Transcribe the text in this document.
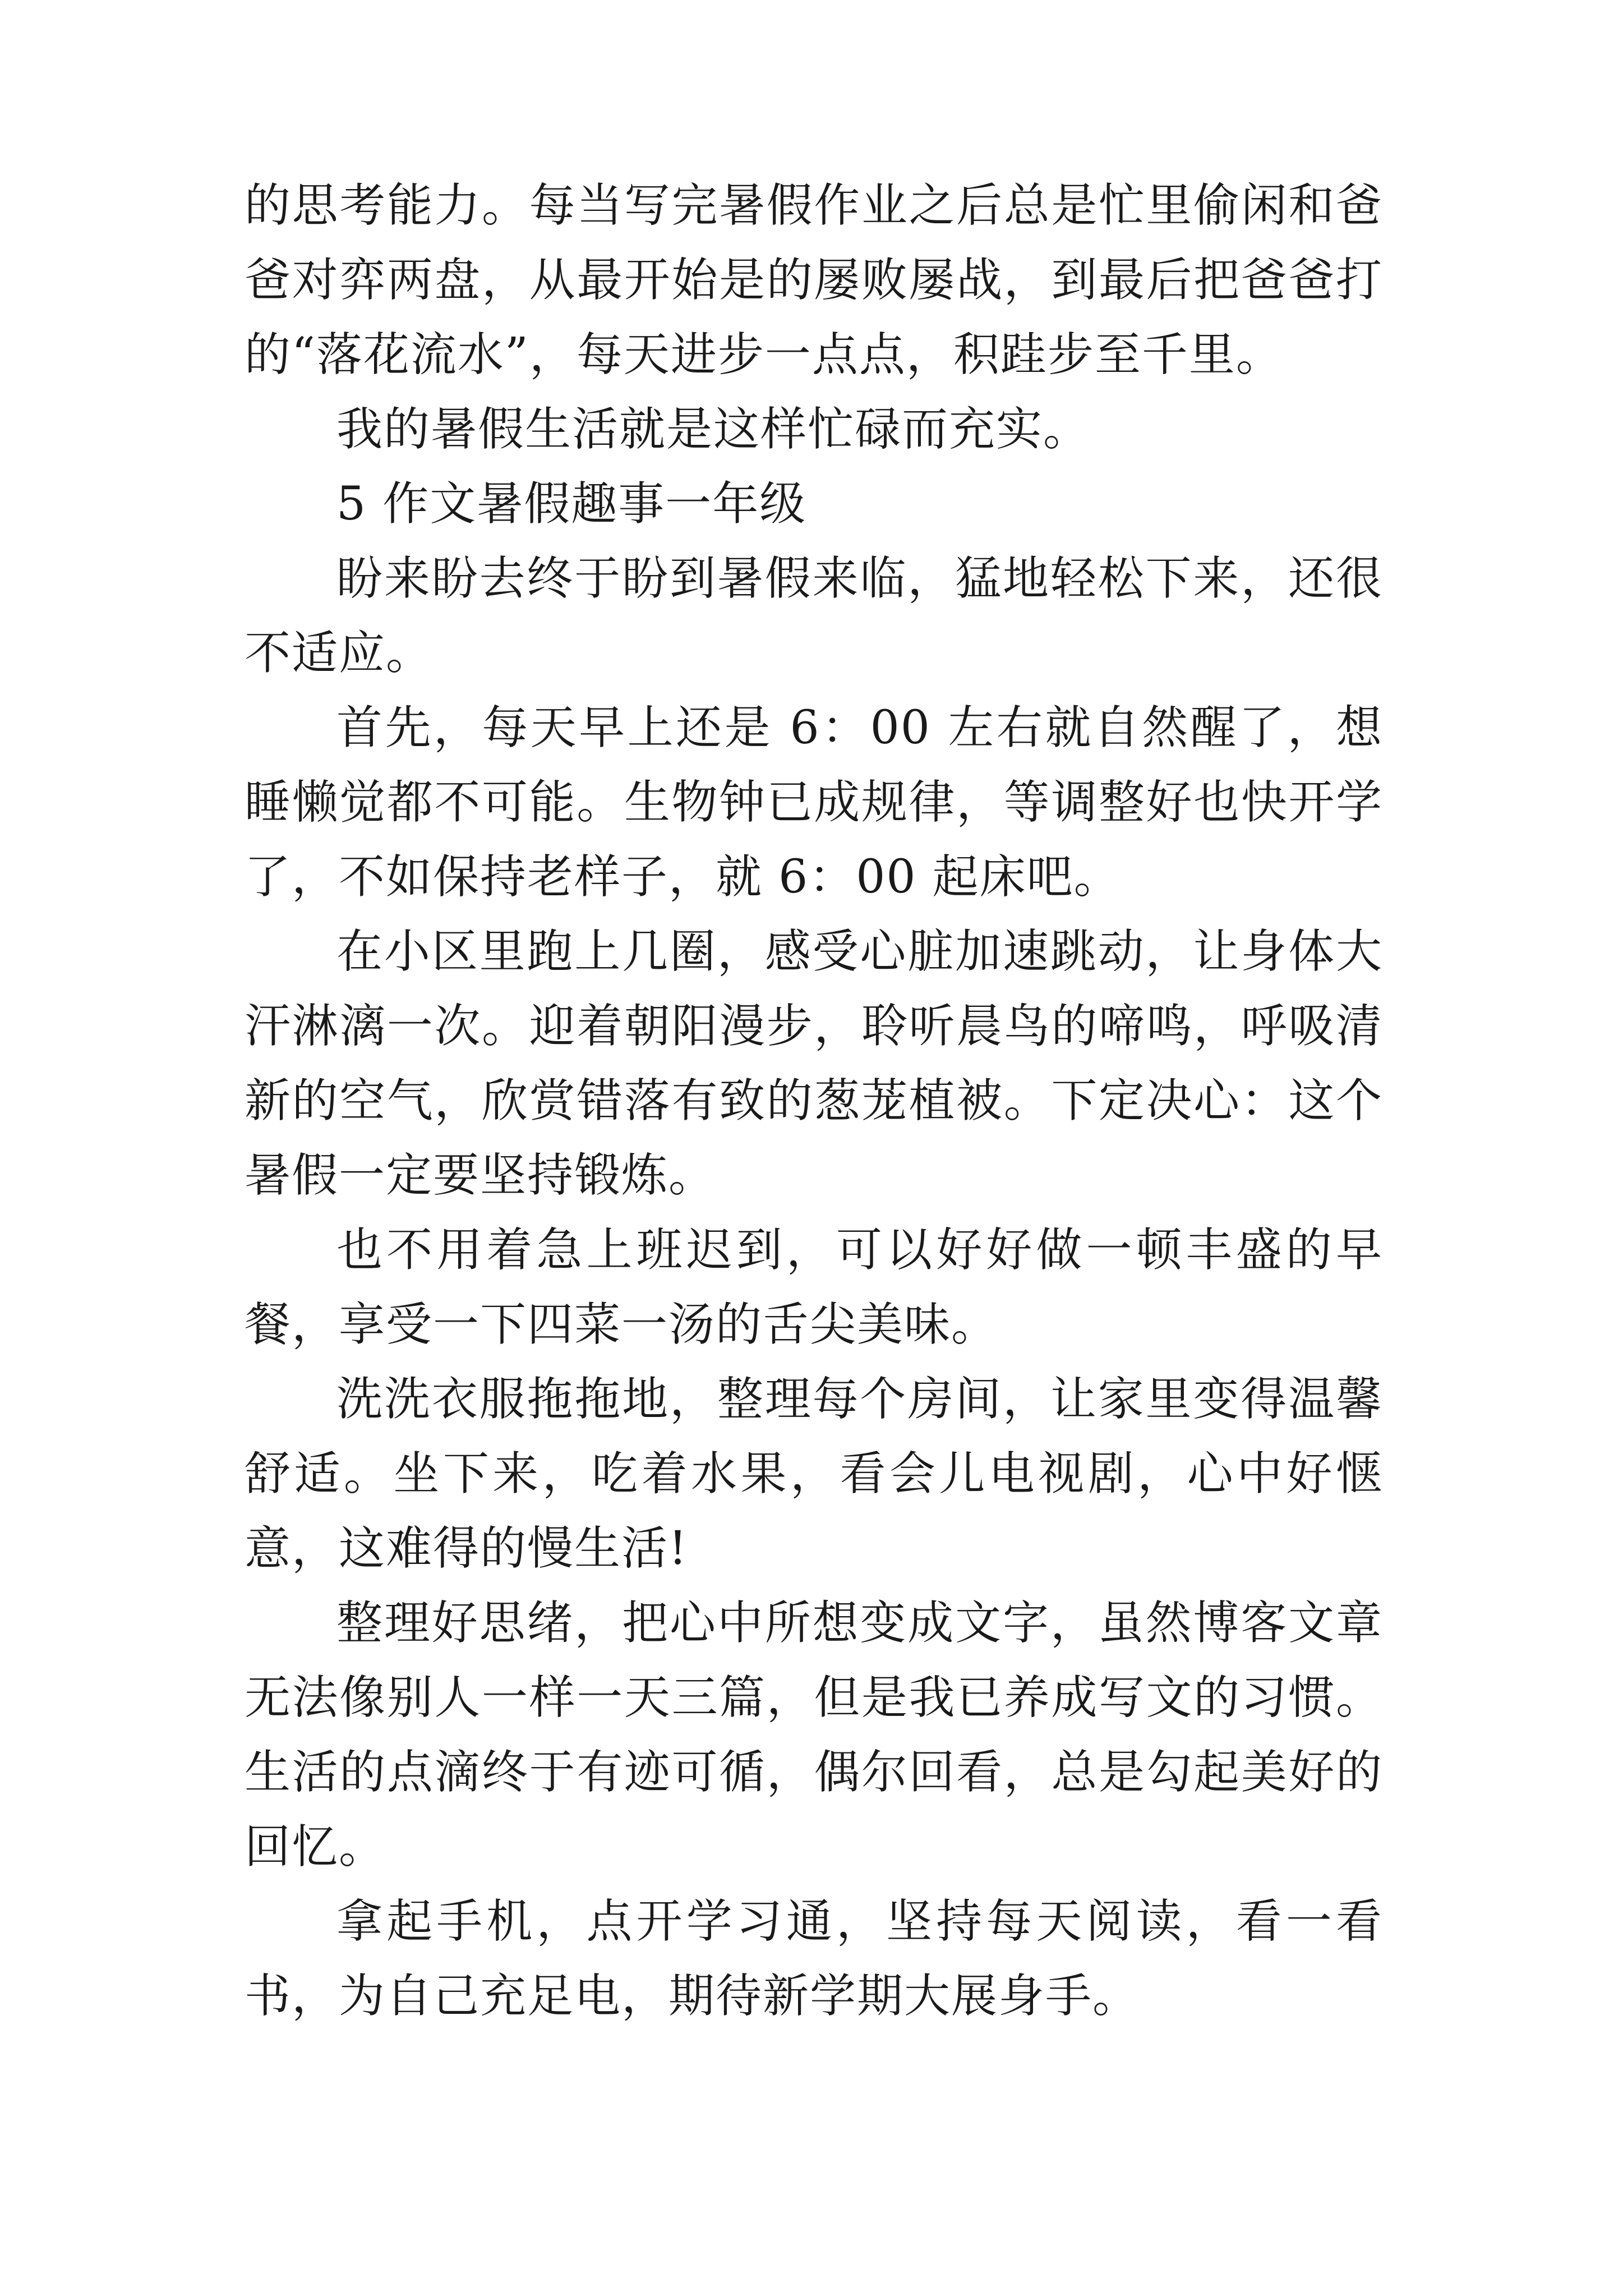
的思考能力。每当写完暑假作业之后总是忙里偷闲和爸爸对弈两盘，从最开始是的屡败屡战，到最后把爸爸打的“落花流水”，每天进步一点点，积跬步至千里。

我的暑假生活就是这样忙碌而充实。

5 作文暑假趣事一年级

盼来盼去终于盼到暑假来临，猛地轻松下来，还很不适应。

首先，每天早上还是 6：00 左右就自然醒了，想睡懒觉都不可能。生物钟已成规律，等调整好也快开学了，不如保持老样子，就 6：00 起床吧。

在小区里跑上几圈，感受心脏加速跳动，让身体大汗淋漓一次。迎着朝阳漫步，聆听晨鸟的啼鸣，呼吸清新的空气，欣赏错落有致的葱茏植被。下定决心：这个暑假一定要坚持锻炼。

也不用着急上班迟到，可以好好做一顿丰盛的早餐，享受一下四菜一汤的舌尖美味。

洗洗衣服拖拖地，整理每个房间，让家里变得温馨舒适。坐下来，吃着水果，看会儿电视剧，心中好惬意，这难得的慢生活!

整理好思绪，把心中所想变成文字，虽然博客文章无法像别人一样一天三篇，但是我已养成写文的习惯。生活的点滴终于有迹可循，偶尔回看，总是勾起美好的回忆。

拿起手机，点开学习通，坚持每天阅读，看一看书，为自己充足电，期待新学期大展身手。
